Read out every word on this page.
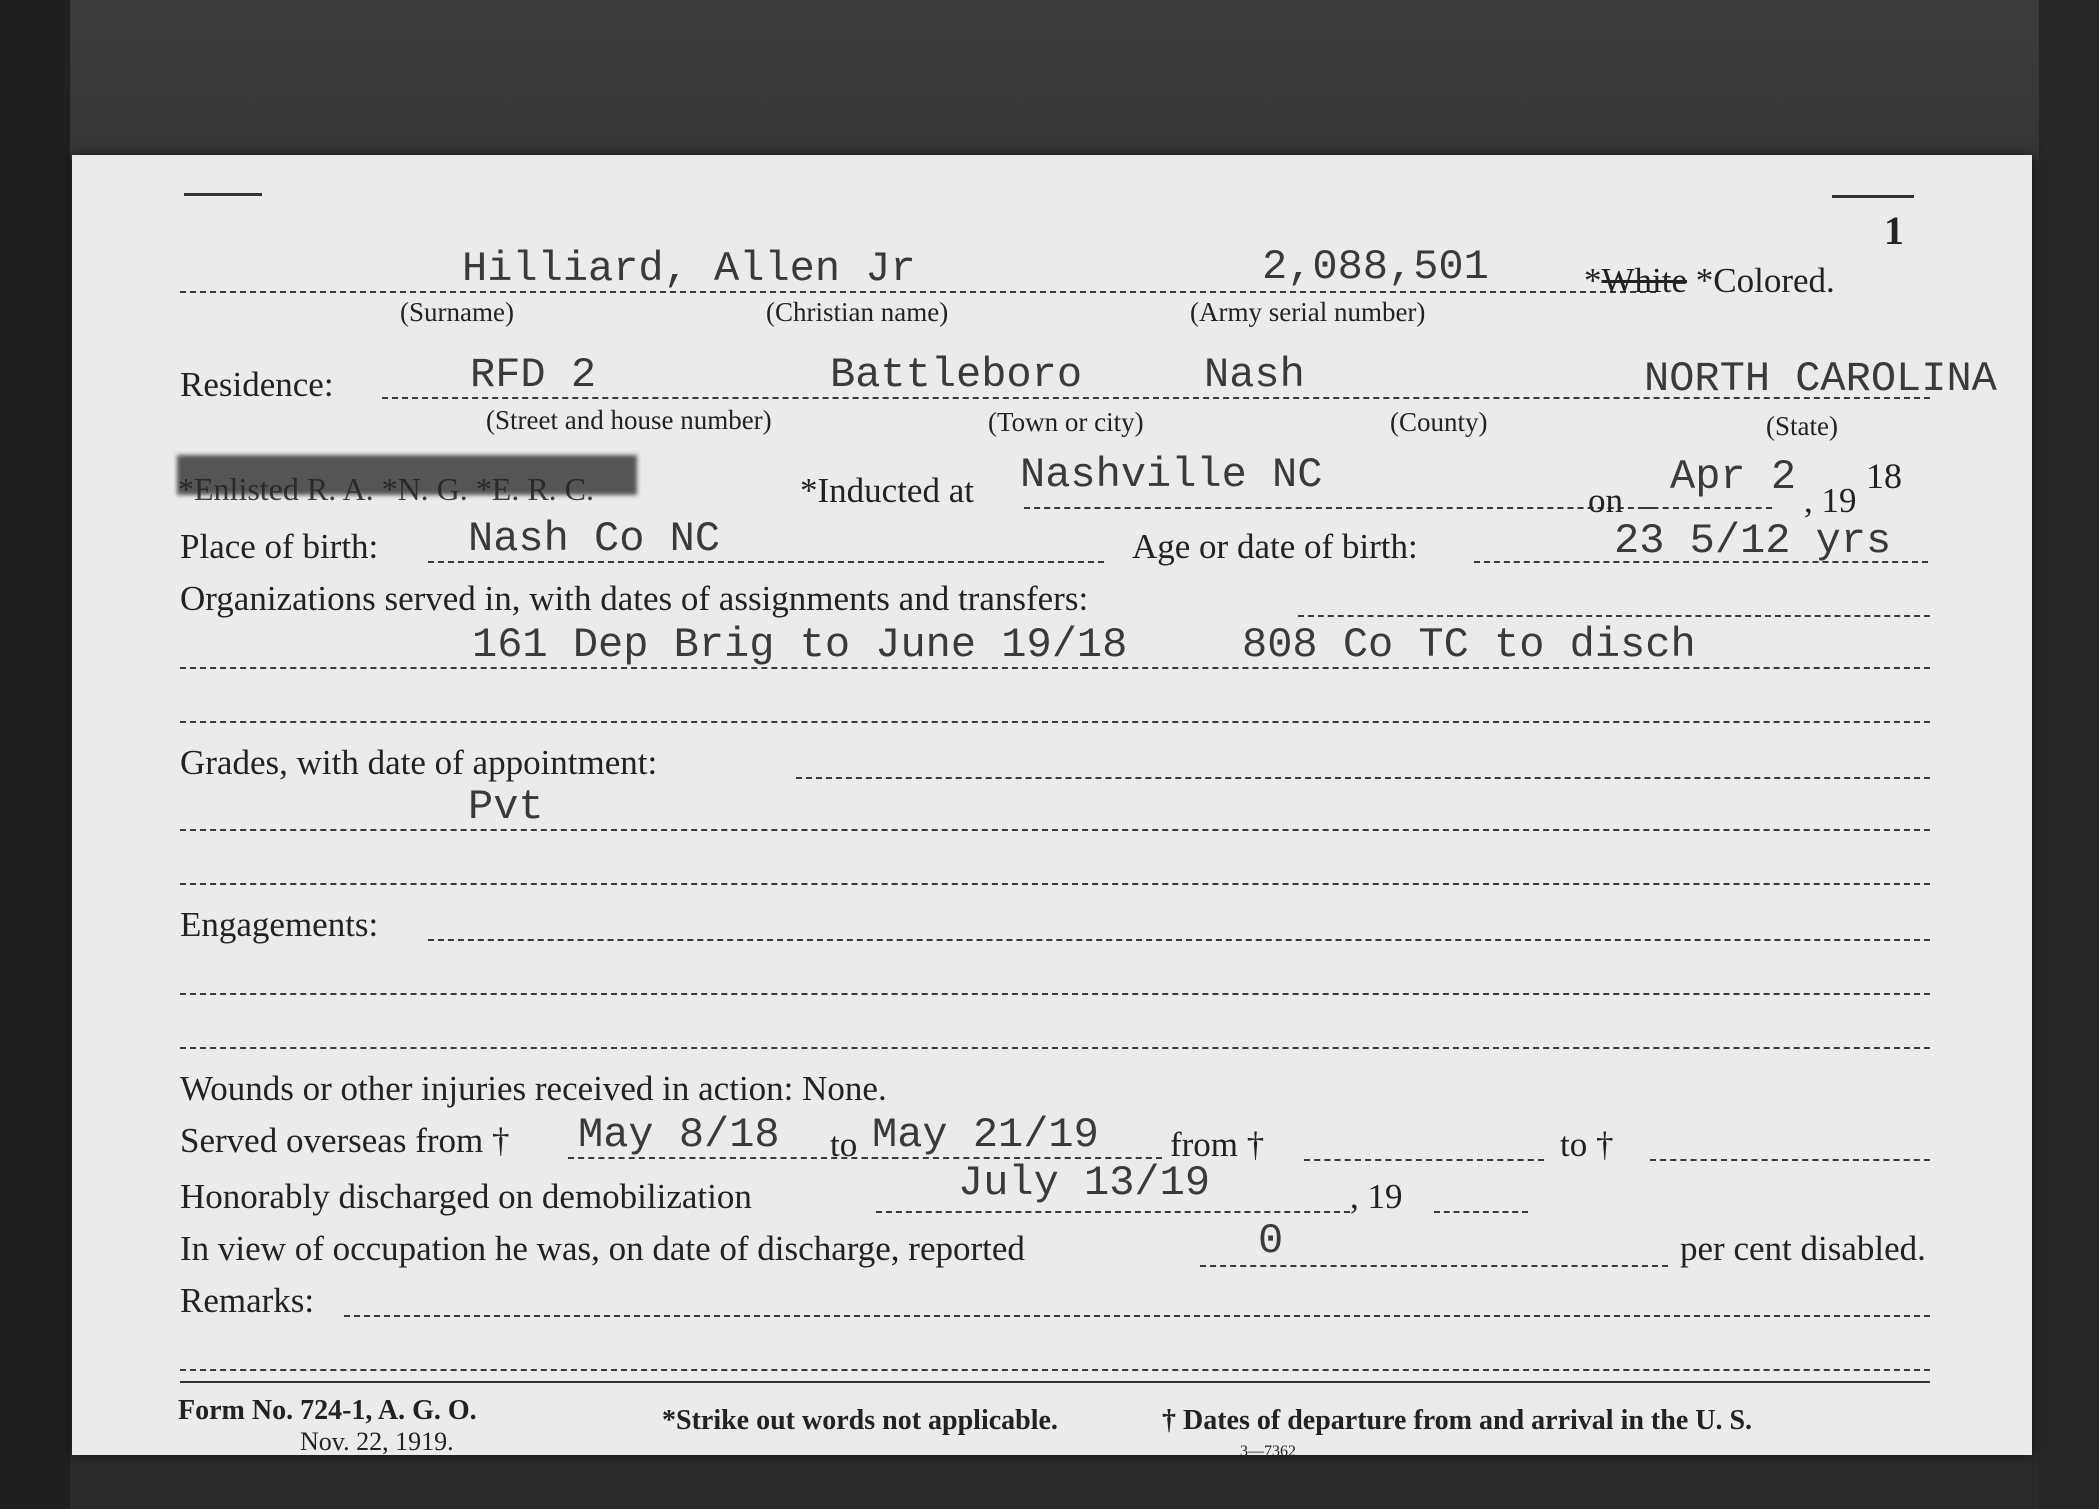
1
Hilliard, Allen Jr	2,088,501	*White *Colored.
(Surname)	(Christian name)	(Army serial number)
Residence:	RFD 2	Battleboro	Nash	NORTH CAROLINA
(Street and house number)	(Town or city)	(County)	(State)
*Enlisted R. A. *N. G. *E. R. C.	*Inducted at Nashville NC
on Apr 2 , 19
18
Place of birth: Nash Co NC	Age or date of birth:	23 5/12 yrs
Organizations served in, with dates of assignments and transfers:
161 Dep Brig to June 19/18	808 Co TC to disch
Grades, with date of appointment:
Pvt
Engagements:
Wounds or other injuries received in action: None.
Served overseas from † May 8/18 to May 21/19 from †	to †
Honorably discharged on demobilization	July 13/19	, 19
In view of occupation he was, on date of discharge, reported	0	per cent disabled.
Remarks:
Form No. 724-1, A. G. O.
Nov. 22, 1919.
*Strike out words not applicable.	† Dates of departure from and arrival in the U. S.
3—7362
